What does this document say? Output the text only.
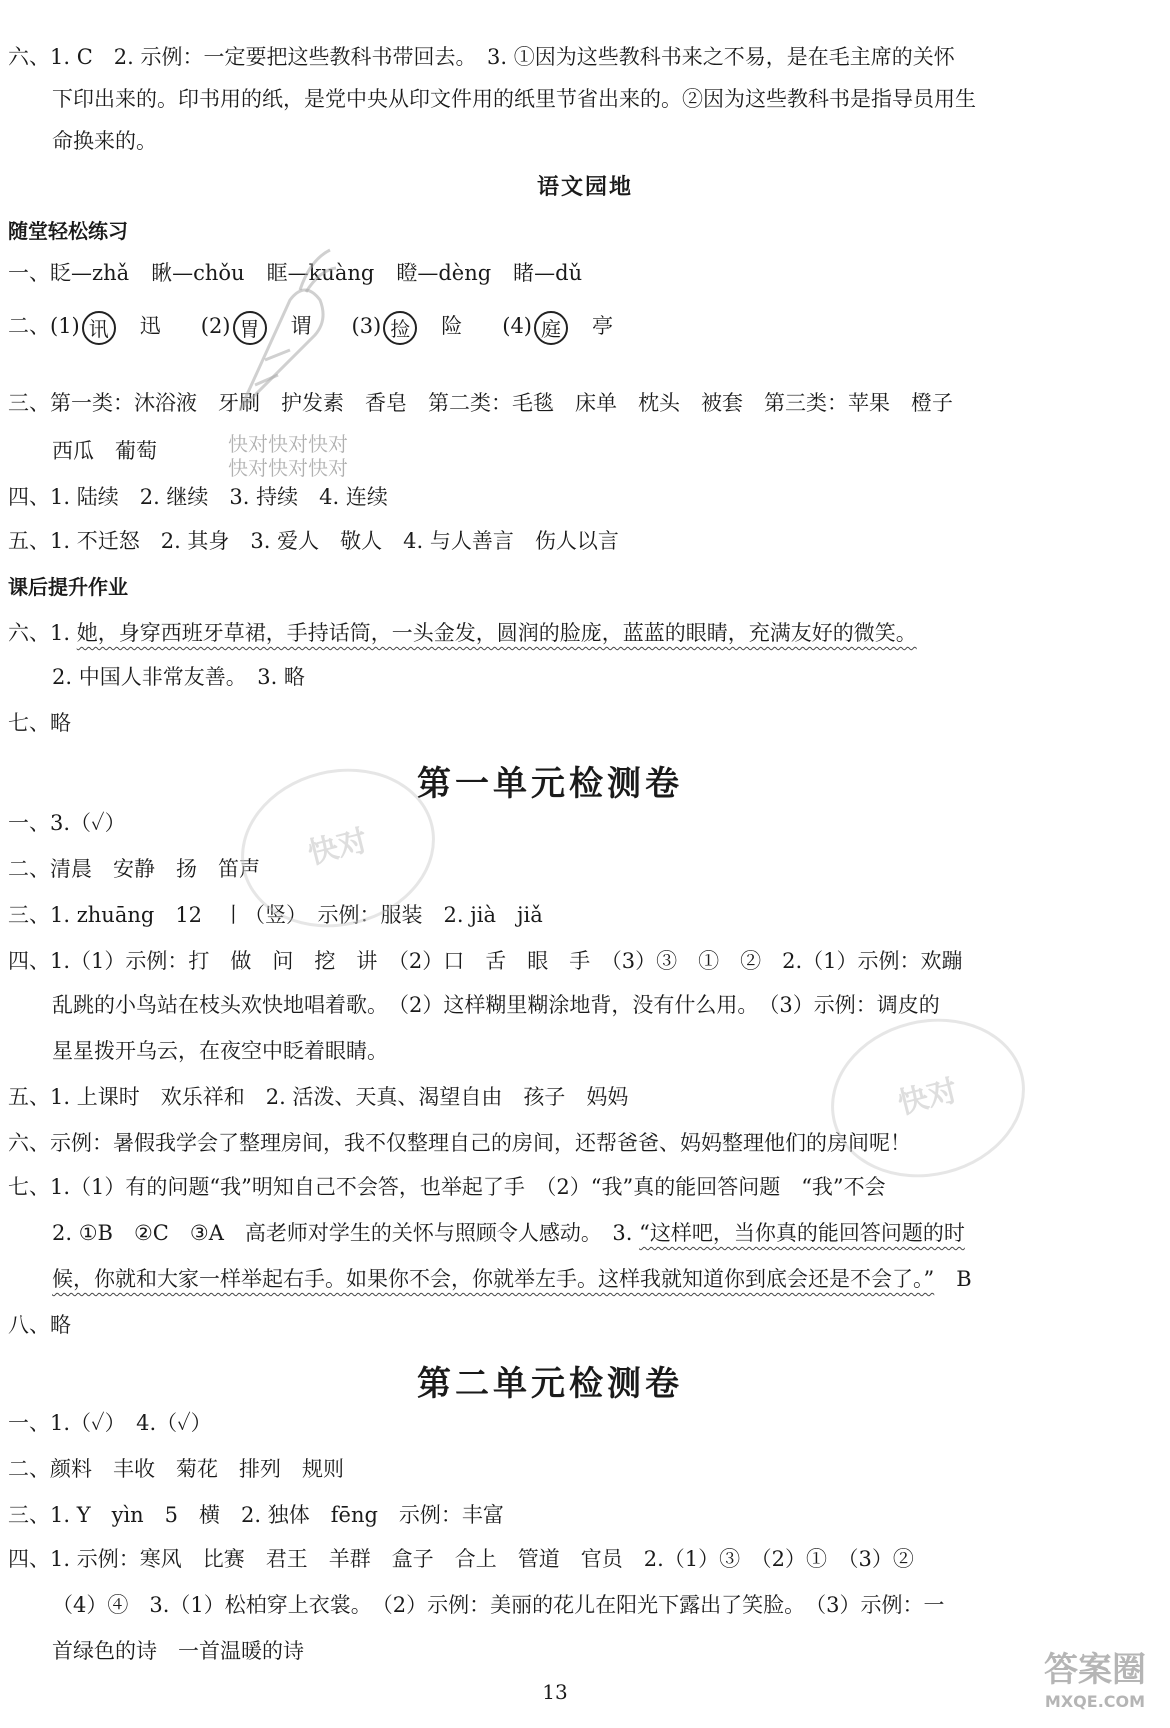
六、1. C　2. 示例：一定要把这些教科书带回去。　3. ①因为这些教科书来之不易，是在毛主席的关怀
下印出来的。印书用的纸，是党中央从印文件用的纸里节省出来的。②因为这些教科书是指导员用生
命换来的。
语文园地
随堂轻松练习
一、眨—zhǎ 瞅—chǒu 眶—kuàng 瞪—dèng 睹—dǔ
二、(1) 讯 迅 (2) 胃 谓 (3) 捡 险 (4) 庭 亭
三、第一类：沐浴液　牙刷　护发素　香皂　第二类：毛毯　床单　枕头　被套　第三类：苹果　橙子
西瓜　葡萄	快对快对快对
快对快对快对
四、1. 陆续　2. 继续　3. 持续　4. 连续
五、1. 不迁怒　2. 其身　3. 爱人　敬人　4. 与人善言　伤人以言
课后提升作业
六、1. 她，身穿西班牙草裙，手持话筒，一头金发，圆润的脸庞，蓝蓝的眼睛，充满友好的微笑。
2. 中国人非常友善。　3. 略
七、略
第一单元检测卷
一、3.（✓）
二、清晨　安静　扬　笛声
三、1. zhuāng　12　丨（竖）　示例：服装　2. jià　jiǎ
四、1.（1）示例：打　做　问　挖　讲　（2）口　舌　眼　手　（3）③　①　②　2.（1）示例：欢蹦
乱跳的小鸟站在枝头欢快地唱着歌。　（2）这样糊里糊涂地背，没有什么用。　（3）示例：调皮的
星星拨开乌云，在夜空中眨着眼睛。
五、1. 上课时　欢乐祥和　2. 活泼、天真、渴望自由　孩子　妈妈
六、示例：暑假我学会了整理房间，我不仅整理自己的房间，还帮爸爸、妈妈整理他们的房间呢！
七、1.（1）有的问题“我”明知自己不会答，也举起了手　（2）“我”真的能回答问题　“我”不会
2. ①B　②C　③A　高老师对学生的关怀与照顾令人感动。　3. “这样吧，当你真的能回答问题的时
候，你就和大家一样举起右手。如果你不会，你就举左手。这样我就知道你到底会还是不会了。” B
八、略
第二单元检测卷
一、1.（✓）　4.（✓）
二、颜料　丰收　菊花　排列　规则
三、1. Y　yìn　5　横　2. 独体　fēng　示例：丰富
四、1. 示例：寒风　比赛　君王　羊群　盒子　合上　管道　官员　2.（1）③　（2）①　（3）②
（4）④　3.（1）松柏穿上衣裳。　（2）示例：美丽的花儿在阳光下露出了笑脸。　（3）示例：一
首绿色的诗　一首温暖的诗
13
快对
快对
答案圈
MXQE.COM
